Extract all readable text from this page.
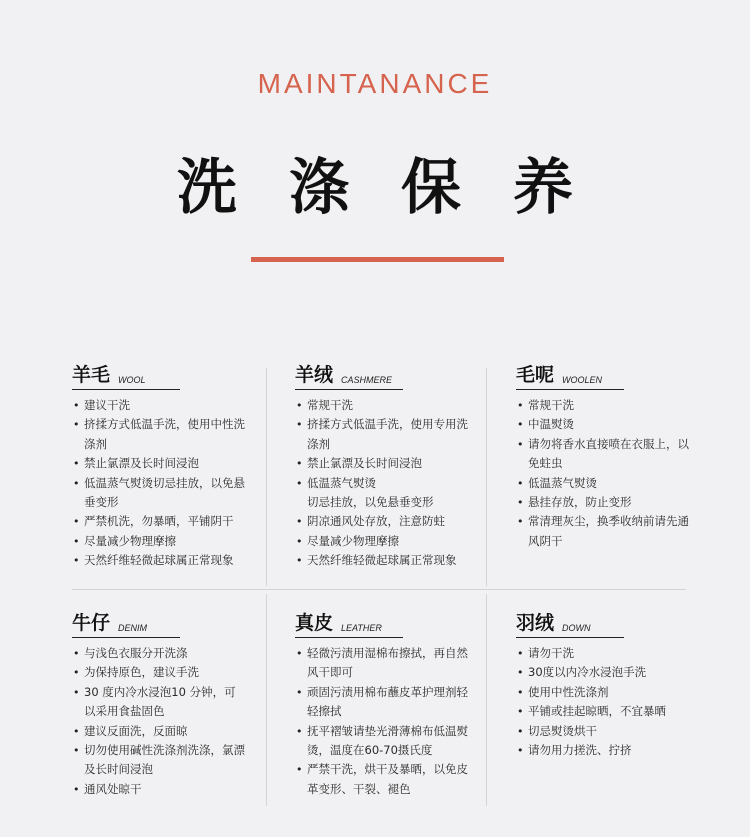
MAINTANANCE
洗涤保养
羊毛 WOOL
• 建议干洗
• 挤揉方式低温手洗，使用中性洗涤剂
• 禁止氯漂及长时间浸泡
• 低温蒸气熨烫切忌挂放，以免悬垂变形
• 严禁机洗，勿暴晒，平铺阴干
• 尽量减少物理摩擦
• 天然纤维轻微起球属正常现象
羊绒 CASHMERE
• 常规干洗
• 挤揉方式低温手洗，使用专用洗涤剂
• 禁止氯漂及长时间浸泡
• 低温蒸气熨烫
切忌挂放，以免悬垂变形
• 阴凉通风处存放，注意防蛀
• 尽量减少物理摩擦
• 天然纤维轻微起球属正常现象
毛呢 WOOLEN
• 常规干洗
• 中温熨烫
• 请勿将香水直接喷在衣服上，以免蛀虫
• 低温蒸气熨烫
• 悬挂存放，防止变形
• 常清理灰尘，换季收纳前请先通风阴干
牛仔 DENIM
• 与浅色衣服分开洗涤
• 为保持原色，建议手洗
• 30 度内冷水浸泡10 分钟，可以采用食盐固色
• 建议反面洗，反面晾
• 切勿使用碱性洗涤剂洗涤，氯漂及长时间浸泡
• 通风处晾干
真皮 LEATHER
• 轻微污渍用湿棉布擦拭，再自然风干即可
• 顽固污渍用棉布蘸皮革护理剂轻轻擦拭
• 抚平褶皱请垫光滑薄棉布低温熨烫，温度在60-70摄氏度
• 严禁干洗，烘干及暴晒，以免皮革变形、干裂、褪色
羽绒 DOWN
• 请勿干洗
• 30度以内冷水浸泡手洗
• 使用中性洗涤剂
• 平铺或挂起晾晒，不宜暴晒
• 切忌熨烫烘干
• 请勿用力搓洗、拧挤
